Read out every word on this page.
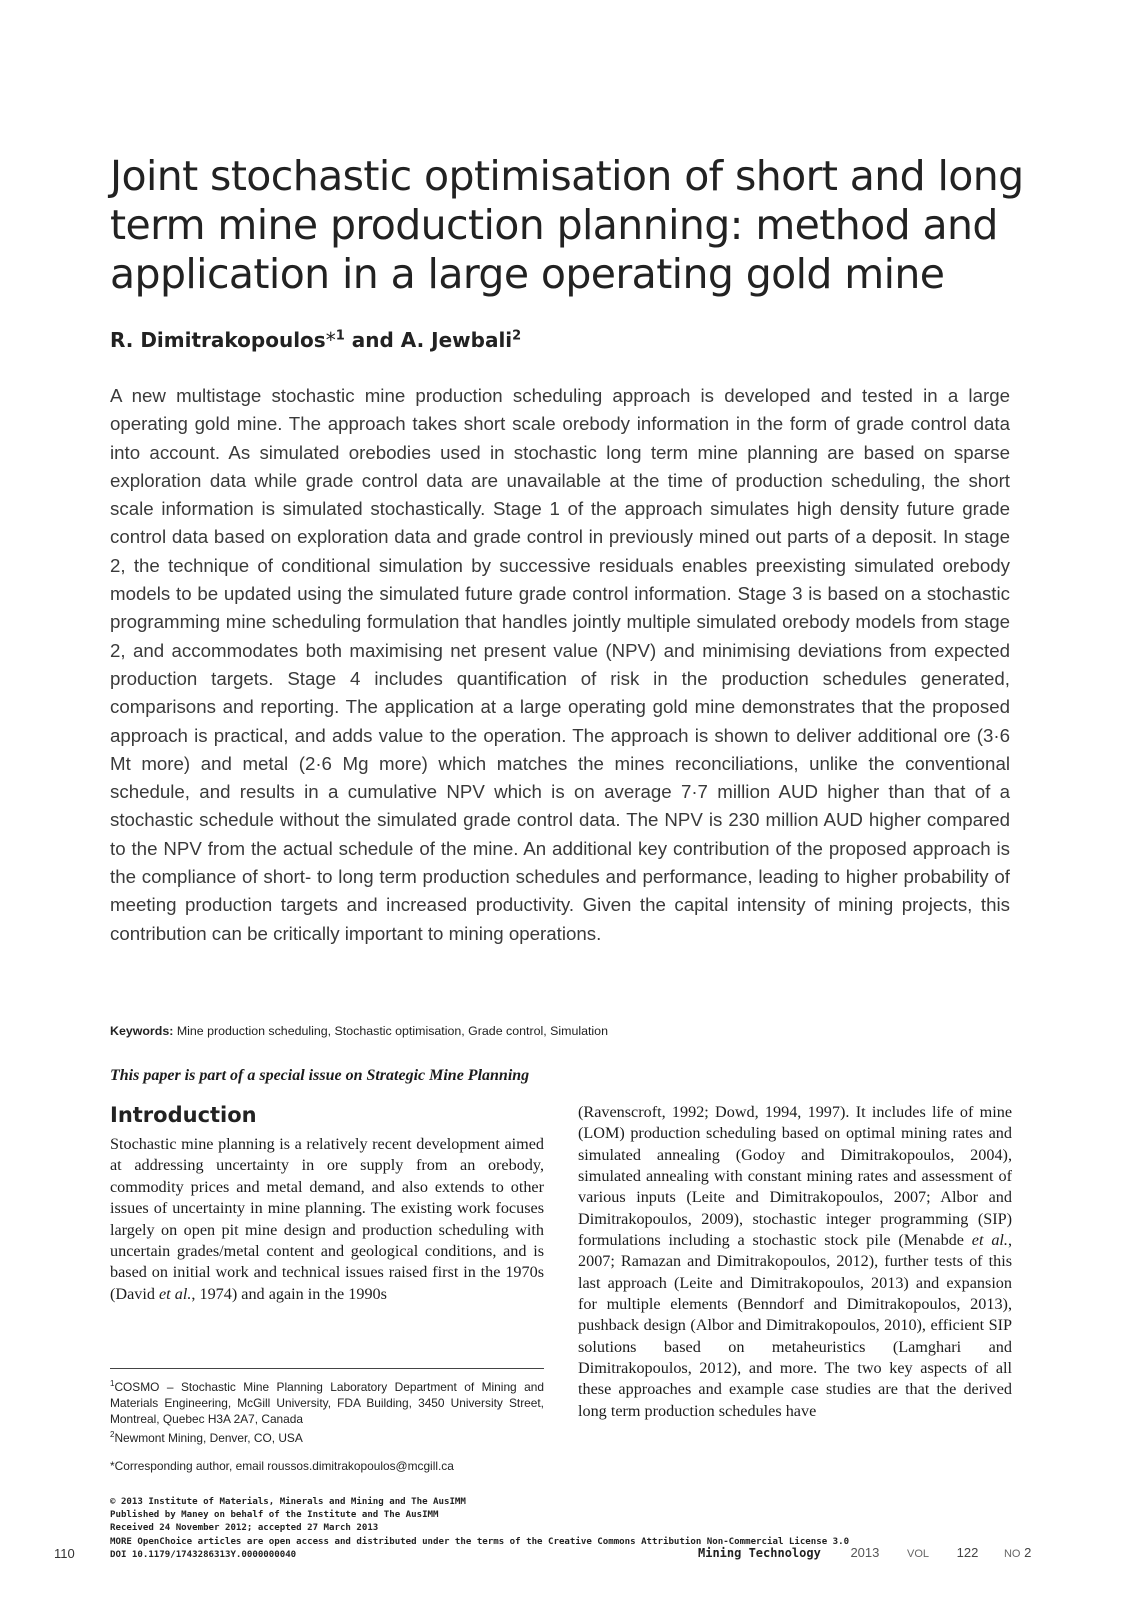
Joint stochastic optimisation of short and long term mine production planning: method and application in a large operating gold mine

R. Dimitrakopoulos*$^1$ and A. Jewbali$^2$

A new multistage stochastic mine production scheduling approach is developed and tested in a large operating gold mine. The approach takes short scale orebody information in the form of grade control data into account. As simulated orebodies used in stochastic long term mine planning are based on sparse exploration data while grade control data are unavailable at the time of production scheduling, the short scale information is simulated stochastically. Stage 1 of the approach simulates high density future grade control data based on exploration data and grade control in previously mined out parts of a deposit. In stage 2, the technique of conditional simulation by successive residuals enables preexisting simulated orebody models to be updated using the simulated future grade control information. Stage 3 is based on a stochastic programming mine scheduling formulation that handles jointly multiple simulated orebody models from stage 2, and accommodates both maximising net present value (NPV) and minimising deviations from expected production targets. Stage 4 includes quantification of risk in the production schedules generated, comparisons and reporting. The application at a large operating gold mine demonstrates that the proposed approach is practical, and adds value to the operation. The approach is shown to deliver additional ore (3·6 Mt more) and metal (2·6 Mg more) which matches the mines reconciliations, unlike the conventional schedule, and results in a cumulative NPV which is on average 7·7 million AUD higher than that of a stochastic schedule without the simulated grade control data. The NPV is 230 million AUD higher compared to the NPV from the actual schedule of the mine. An additional key contribution of the proposed approach is the compliance of short- to long term production schedules and performance, leading to higher probability of meeting production targets and increased productivity. Given the capital intensity of mining projects, this contribution can be critically important to mining operations.

Keywords: Mine production scheduling, Stochastic optimisation, Grade control, Simulation

This paper is part of a special issue on Strategic Mine Planning

Introduction

Stochastic mine planning is a relatively recent development aimed at addressing uncertainty in ore supply from an orebody, commodity prices and metal demand, and also extends to other issues of uncertainty in mine planning. The existing work focuses largely on open pit mine design and production scheduling with uncertain grades/metal content and geological conditions, and is based on initial work and technical issues raised first in the 1970s (David et al., 1974) and again in the 1990s

(Ravenscroft, 1992; Dowd, 1994, 1997). It includes life of mine (LOM) production scheduling based on optimal mining rates and simulated annealing (Godoy and Dimitrakopoulos, 2004), simulated annealing with constant mining rates and assessment of various inputs (Leite and Dimitrakopoulos, 2007; Albor and Dimitrakopoulos, 2009), stochastic integer programming (SIP) formulations including a stochastic stock pile (Menabde et al., 2007; Ramazan and Dimitrakopoulos, 2012), further tests of this last approach (Leite and Dimitrakopoulos, 2013) and expansion for multiple elements (Benndorf and Dimitrakopoulos, 2013), pushback design (Albor and Dimitrakopoulos, 2010), efficient SIP solutions based on metaheuristics (Lamghari and Dimitrakopoulos, 2012), and more. The two key aspects of all these approaches and example case studies are that the derived long term production schedules have

$^1$COSMO – Stochastic Mine Planning Laboratory Department of Mining and Materials Engineering, McGill University, FDA Building, 3450 University Street, Montreal, Quebec H3A 2A7, Canada

$^2$Newmont Mining, Denver, CO, USA

*Corresponding author, email roussos.dimitrakopoulos@mcgill.ca

© 2013 Institute of Materials, Minerals and Mining and The AusIMM
Published by Maney on behalf of the Institute and The AusIMM
Received 24 November 2012; accepted 27 March 2013
MORE OpenChoice articles are open access and distributed under the terms of the Creative Commons Attribution Non-Commercial License 3.0
DOI 10.1179/1743286313Y.0000000040
110	Mining Technology 2013	VOL 122 NO 2
